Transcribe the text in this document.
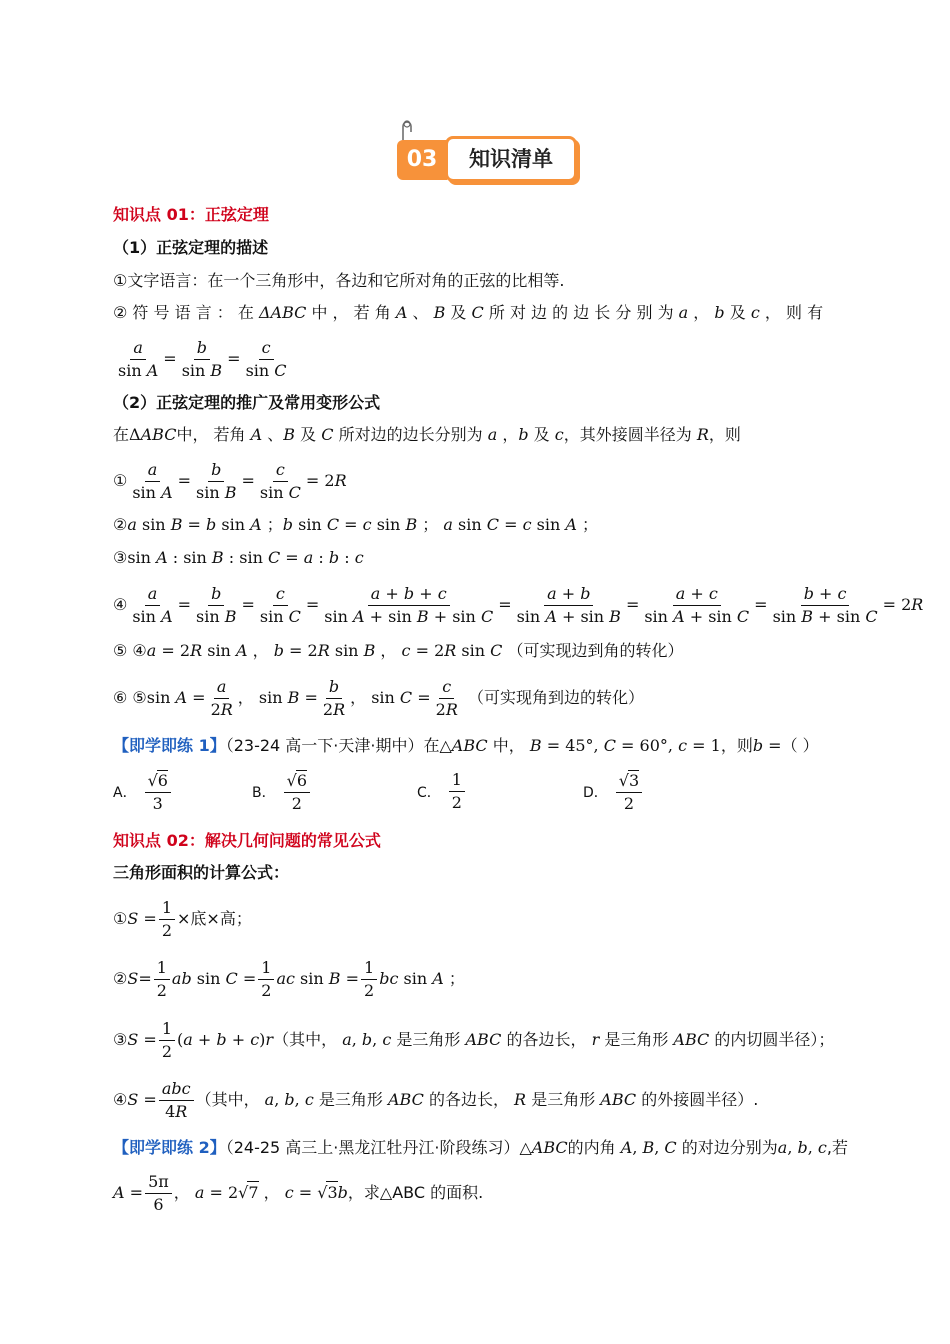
03	知识清单
知识点 01：正弦定理
（1）正弦定理的描述
①文字语言：在一个三角形中，各边和它所对角的正弦的比相等.
② 符 号 语 言 ： 在 ΔABC 中 ， 若 角 A 、 B 及 C 所 对 边 的 边 长 分 别 为 a ， b 及 c ， 则 有
$\frac{a}{\text{sin A}} = \frac{b}{\text{sin B}} = \frac{c}{\text{sin C}}$
（2）正弦定理的推广及常用变形公式
在ΔABC中， 若角 A 、B 及 C 所对边的边长分别为 a ，b 及 c，其外接圆半径为 R，则
① $\frac{a}{\text{sin A}} = \frac{b}{\text{sin B}} = \frac{c}{\text{sin C}} = 2R$
②a sin B = b sin A ；b sin C = c sin B ； a sin C = c sin A ；
③sin A : sin B : sin C = a : b : c
④ $\frac{a}{\text{sin A}} = \frac{b}{\text{sin B}} = \frac{c}{\text{sin C}} = \frac{a + b + c}{\text{sin A + sin B + sin C}} = \frac{a + b}{\text{sin A + sin B}} = \frac{a + c}{\text{sin A + sin C}} = \frac{b + c}{\text{sin B + sin C}} = 2R$
⑤ ④a = 2R sin A ， b = 2R sin B ， c = 2R sin C （可实现边到角的转化）
⑥ ⑤sin $A = \frac{a}{2R}$ ， $\sin B = \frac{b}{2R}$ ， $\sin C = \frac{c}{2R}$ （可实现角到边的转化）
【即学即练 1】（23-24 高一下·天津·期中）在△ABC 中， B = 45°, C = 60°, c = 1，则b =（ ）
A． $\frac{√6}{3}$	B． $\frac{√6}{2}$	C． $\frac{1}{2}$	D． $\frac{√3}{2}$
知识点 02：解决几何问题的常见公式
三角形面积的计算公式：
①S = $\frac{1}{2}$ ×底×高；
②S= $\frac{1}{2}$ ab $\sin C = \frac{1}{2}$ ac $\sin B = \frac{1}{2}$ bc sin A ；
③S = $\frac{1}{2} (a + b + c)r$（其中， a, b, c 是三角形 ABC 的各边长， r 是三角形 ABC 的内切圆半径）；
④S = $\frac{\text{abc}}{4R}$ （其中， a, b, c 是三角形 ABC 的各边长， R 是三角形 ABC 的外接圆半径）.
【即学即练 2】（24-25 高三上·黑龙江牡丹江·阶段练习）△ABC的内角 A, B, C 的对边分别为a, b, c,若
$A = \frac{5\pi}{6}$ ， a = 2√7 ， c = √3b，求△ABC 的面积.
